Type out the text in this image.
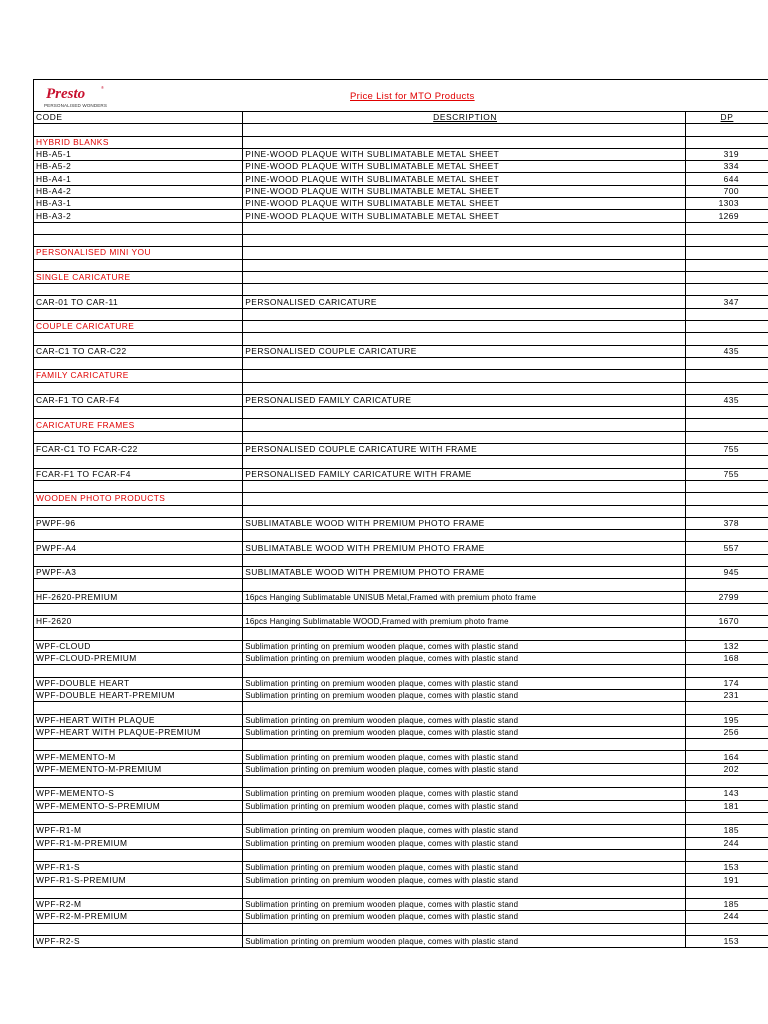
Presto	®
PERSONALISED WONDERS
Price List for MTO Products
CODE	DESCRIPTION	DP

HYBRID BLANKS		
HB-A5-1	PINE-WOOD PLAQUE WITH SUBLIMATABLE METAL SHEET	319
HB-A5-2	PINE-WOOD PLAQUE WITH SUBLIMATABLE METAL SHEET	334
HB-A4-1	PINE-WOOD PLAQUE WITH SUBLIMATABLE METAL SHEET	644
HB-A4-2	PINE-WOOD PLAQUE WITH SUBLIMATABLE METAL SHEET	700
HB-A3-1	PINE-WOOD PLAQUE WITH SUBLIMATABLE METAL SHEET	1303
HB-A3-2	PINE-WOOD PLAQUE WITH SUBLIMATABLE METAL SHEET	1269

PERSONALISED MINI YOU		

SINGLE CARICATURE		

CAR-01 TO CAR-11	PERSONALISED CARICATURE	347

COUPLE CARICATURE		

CAR-C1 TO CAR-C22	PERSONALISED COUPLE CARICATURE	435

FAMILY CARICATURE		

CAR-F1 TO CAR-F4	PERSONALISED FAMILY CARICATURE	435

CARICATURE FRAMES		

FCAR-C1 TO FCAR-C22	PERSONALISED COUPLE CARICATURE WITH FRAME	755

FCAR-F1 TO FCAR-F4	PERSONALISED FAMILY CARICATURE WITH FRAME	755

WOODEN PHOTO PRODUCTS		

PWPF-96	SUBLIMATABLE WOOD WITH PREMIUM PHOTO FRAME	378

PWPF-A4	SUBLIMATABLE WOOD WITH PREMIUM PHOTO FRAME	557

PWPF-A3	SUBLIMATABLE WOOD WITH PREMIUM PHOTO FRAME	945

HF-2620-PREMIUM	16pcs Hanging Sublimatable UNISUB Metal,Framed with premium photo frame	2799

HF-2620	16pcs Hanging Sublimatable WOOD,Framed with premium photo frame	1670

WPF-CLOUD	Sublimation printing on premium wooden plaque, comes with plastic stand	132
WPF-CLOUD-PREMIUM	Sublimation printing on premium wooden plaque, comes with plastic stand	168

WPF-DOUBLE HEART	Sublimation printing on premium wooden plaque, comes with plastic stand	174
WPF-DOUBLE HEART-PREMIUM	Sublimation printing on premium wooden plaque, comes with plastic stand	231

WPF-HEART WITH PLAQUE	Sublimation printing on premium wooden plaque, comes with plastic stand	195
WPF-HEART WITH PLAQUE-PREMIUM	Sublimation printing on premium wooden plaque, comes with plastic stand	256

WPF-MEMENTO-M	Sublimation printing on premium wooden plaque, comes with plastic stand	164
WPF-MEMENTO-M-PREMIUM	Sublimation printing on premium wooden plaque, comes with plastic stand	202

WPF-MEMENTO-S	Sublimation printing on premium wooden plaque, comes with plastic stand	143
WPF-MEMENTO-S-PREMIUM	Sublimation printing on premium wooden plaque, comes with plastic stand	181

WPF-R1-M	Sublimation printing on premium wooden plaque, comes with plastic stand	185
WPF-R1-M-PREMIUM	Sublimation printing on premium wooden plaque, comes with plastic stand	244

WPF-R1-S	Sublimation printing on premium wooden plaque, comes with plastic stand	153
WPF-R1-S-PREMIUM	Sublimation printing on premium wooden plaque, comes with plastic stand	191

WPF-R2-M	Sublimation printing on premium wooden plaque, comes with plastic stand	185
WPF-R2-M-PREMIUM	Sublimation printing on premium wooden plaque, comes with plastic stand	244

WPF-R2-S	Sublimation printing on premium wooden plaque, comes with plastic stand	153
